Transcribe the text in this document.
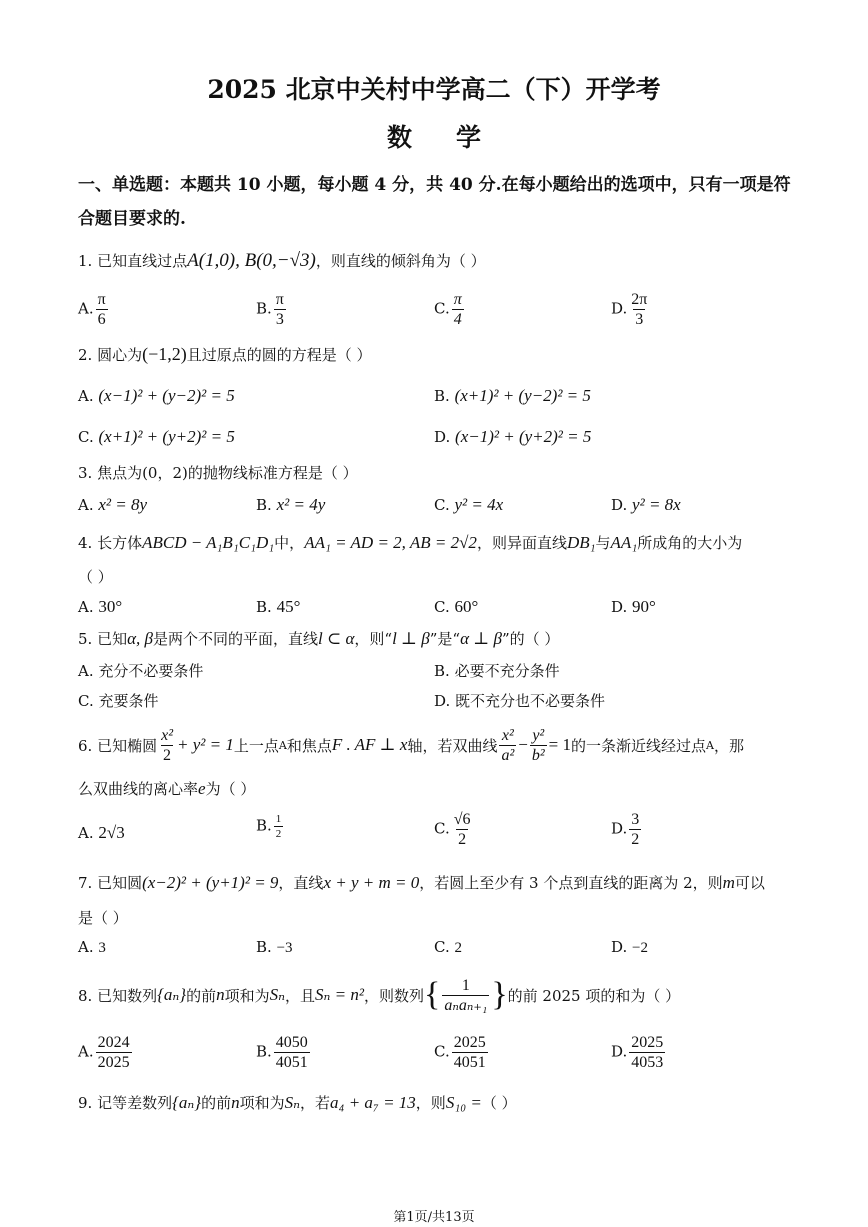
2025 北京中关村中学高二（下）开学考
数学
一、单选题：本题共 10 小题，每小题 4 分，共 40 分.在每小题给出的选项中，只有一项是符
合题目要求的.
1. 已知直线过点A(1,0), B(0,−√3)，则直线的倾斜角为（ ）
A. $\frac{\pi}{6}$	B. $\frac{\pi}{3}$	C. $\frac{\pi}{4}$	D. $\frac{2\pi}{3}$
2. 圆心为(−1,2)且过原点的圆的方程是（ ）
A. (x−1)² + (y−2)² = 5	B. (x+1)² + (y−2)² = 5
C. (x+1)² + (y+2)² = 5	D. (x−1)² + (y+2)² = 5
3. 焦点为(0，2)的抛物线标准方程是（ ）
A. x² = 8y	B. x² = 4y	C. y² = 4x	D. y² = 8x
4. 长方体ABCD − A₁B₁C₁D₁中，AA₁ = AD = 2, AB = 2√2，则异面直线DB₁与AA₁所成角的大小为
（ ）
A. 30°	B. 45°	C. 60°	D. 90°
5. 已知α, β是两个不同的平面，直线l ⊂ α，则“l ⊥ β”是“α ⊥ β”的（ ）
A. 充分不必要条件	B. 必要不充分条件
C. 充要条件	D. 既不充分也不必要条件
6. 已知椭圆 $\frac{\text{x²}}{2} + y^2 = 1$ 上一点 A 和焦点 F . AF ⊥ x 轴，若双曲线 $\frac{\text{x²}}{\text{a²}} - \frac{\text{y²}}{\text{b²}} = 1$ 的一条渐近线经过点 A ，那
么双曲线的离心率e为（ ）
A. 2√3	B. $\frac{1}{2}$	C. $\frac{√6}{2}$	D. $\frac{3}{2}$
7. 已知圆(x−2)² + (y+1)² = 9，直线x + y + m = 0，若圆上至少有 3 个点到直线的距离为 2，则m可以
是（ ）
A. 3	B. −3	C. 2	D. −2
8. 已知数列 {aₙ} 的前 n 项和为 Sₙ ，且 Sₙ = n² ，则数列 { $\frac{1}{\text{aₙaₙ₊₁}}$ } 的前 2025 项的和为（ ）
A. $\frac{2024}{2025}$	B. $\frac{4050}{4051}$	C. $\frac{2025}{4051}$	D. $\frac{2025}{4053}$
9. 记等差数列{aₙ}的前n项和为Sₙ，若a₄ + a₇ = 13，则S₁₀ =（ ）
第1页/共13页
